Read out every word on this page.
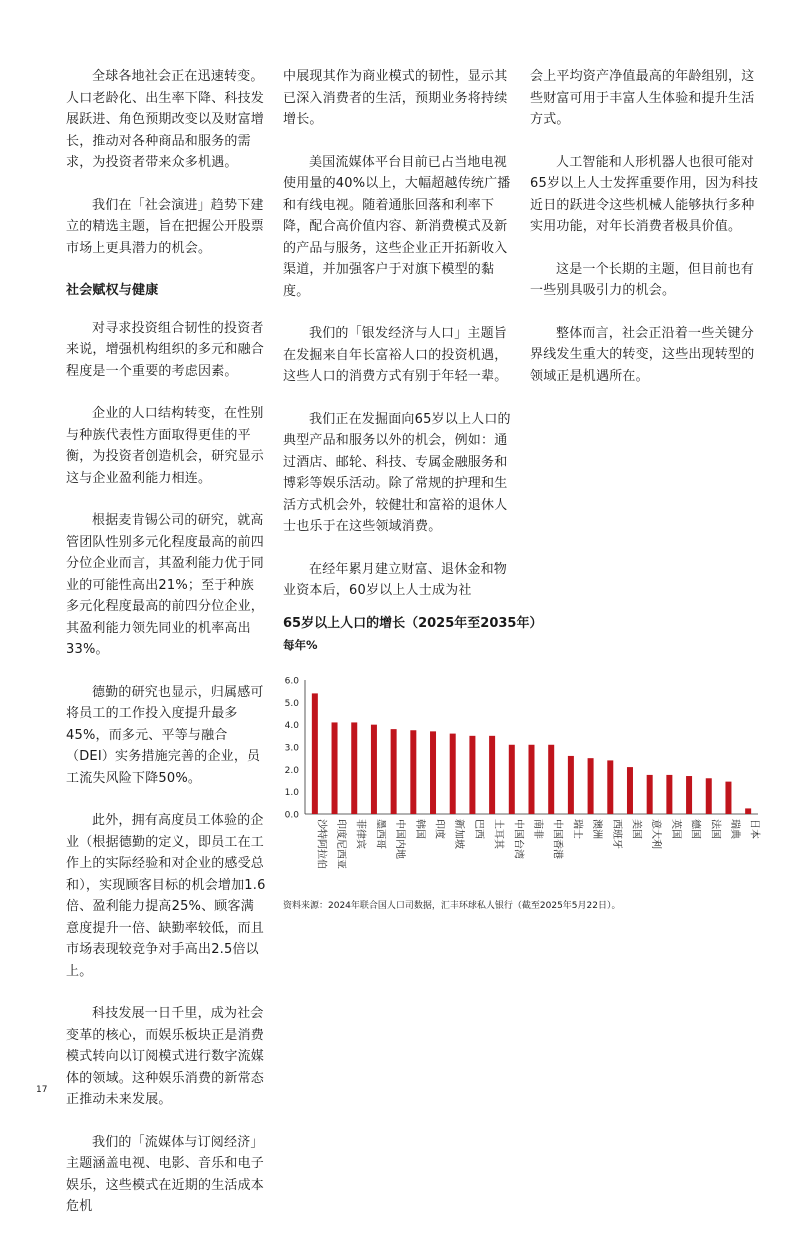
全球各地社会正在迅速转变。人口老龄化、出生率下降、科技发展跃进、角色预期改变以及财富增长，推动对各种商品和服务的需求，为投资者带来众多机遇。

我们在「社会演进」趋势下建立的精选主题，旨在把握公开股票市场上更具潜力的机会。

社会赋权与健康

对寻求投资组合韧性的投资者来说，增强机构组织的多元和融合程度是一个重要的考虑因素。

企业的人口结构转变，在性别与种族代表性方面取得更佳的平衡，为投资者创造机会，研究显示这与企业盈利能力相连。

根据麦肯锡公司的研究，就高管团队性别多元化程度最高的前四分位企业而言，其盈利能力优于同业的可能性高出21%；至于种族多元化程度最高的前四分位企业，其盈利能力领先同业的机率高出33%。

德勤的研究也显示，归属感可将员工的工作投入度提升最多45%，而多元、平等与融合（DEI）实务措施完善的企业，员工流失风险下降50%。

此外，拥有高度员工体验的企业（根据德勤的定义，即员工在工作上的实际经验和对企业的感受总和），实现顾客目标的机会增加1.6倍、盈利能力提高25%、顾客满意度提升一倍、缺勤率较低，而且市场表现较竞争对手高出2.5倍以上。

科技发展一日千里，成为社会变革的核心，而娱乐板块正是消费模式转向以订阅模式进行数字流媒体的领域。这种娱乐消费的新常态正推动未来发展。

我们的「流媒体与订阅经济」主题涵盖电视、电影、音乐和电子娱乐，这些模式在近期的生活成本危机

中展现其作为商业模式的韧性，显示其已深入消费者的生活，预期业务将持续增长。

美国流媒体平台目前已占当地电视使用量的40%以上，大幅超越传统广播和有线电视。随着通胀回落和利率下降，配合高价值内容、新消费模式及新的产品与服务，这些企业正开拓新收入渠道，并加强客户于对旗下模型的黏度。

我们的「银发经济与人口」主题旨在发掘来自年长富裕人口的投资机遇，这些人口的消费方式有别于年轻一辈。

我们正在发掘面向65岁以上人口的典型产品和服务以外的机会，例如：通过酒店、邮轮、科技、专属金融服务和博彩等娱乐活动。除了常规的护理和生活方式机会外，较健壮和富裕的退休人士也乐于在这些领域消费。

在经年累月建立财富、退休金和物业资本后，60岁以上人士成为社

会上平均资产净值最高的年龄组别，这些财富可用于丰富人生体验和提升生活方式。

人工智能和人形机器人也很可能对65岁以上人士发挥重要作用，因为科技近日的跃进令这些机械人能够执行多种实用功能，对年长消费者极具价值。

这是一个长期的主题，但目前也有一些别具吸引力的机会。

整体而言，社会正沿着一些关键分界线发生重大的转变，这些出现转型的领域正是机遇所在。

65岁以上人口的增长（2025年至2035年）
每年%
0.0
1.0
2.0
3.0
4.0
5.0
6.0
沙特阿拉伯 印度尼西亚 菲律宾 墨西哥 中国内地 韩国 印度 新加坡 巴西 土耳其 中国台湾 南非 中国香港 瑞士 澳洲 西班牙 美国 意大利 英国 德国 法国 瑞典 日本
资料来源：2024年联合国人口司数据，汇丰环球私人银行（截至2025年5月22日）。
17
